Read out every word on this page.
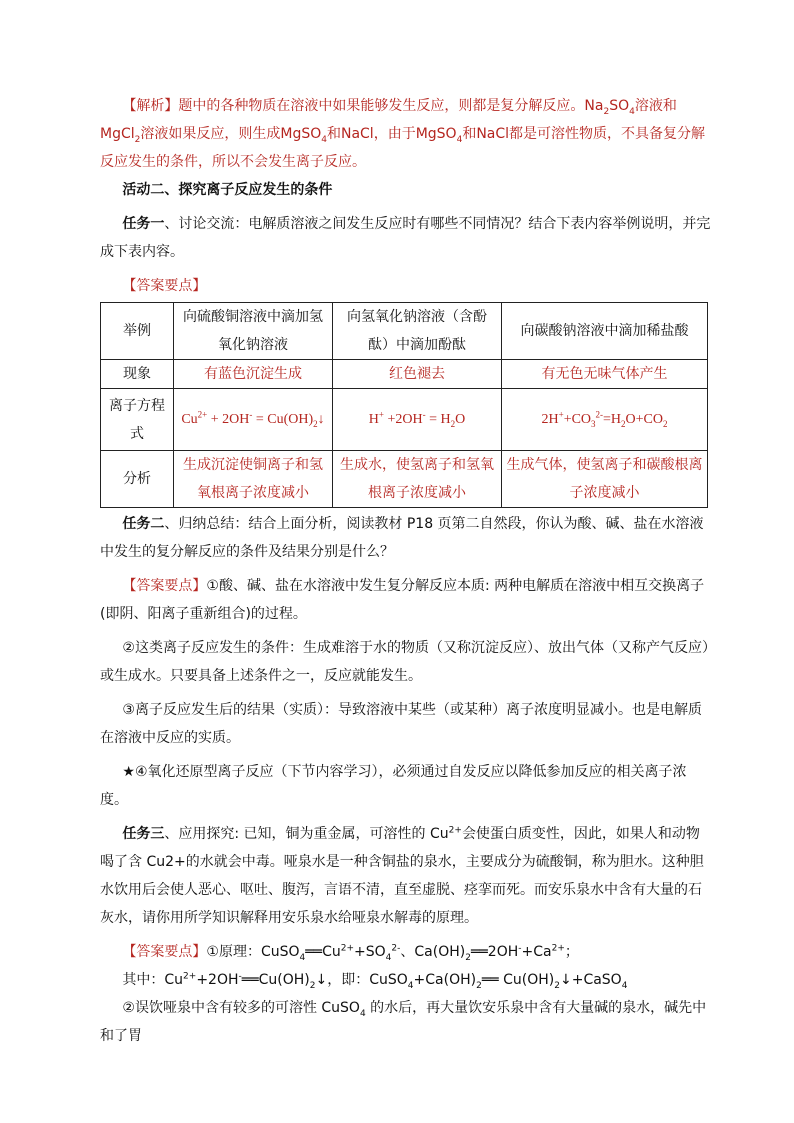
【解析】题中的各种物质在溶液中如果能够发生反应，则都是复分解反应。$Na_2SO_4$溶液和MgCl$_2$溶液如果反应，则生成MgSO$_4$和NaCl，由于MgSO$_4$和NaCl都是可溶性物质，不具备复分解反应发生的条件，所以不会发生离子反应。

活动二、探究离子反应发生的条件

任务一、讨论交流：电解质溶液之间发生反应时有哪些不同情况？结合下表内容举例说明，并完成下表内容。

【答案要点】

举例	向硫酸铜溶液中滴加氢氧化钠溶液	向氢氧化钠溶液（含酚酞）中滴加酚酞	向碳酸钠溶液中滴加稀盐酸
现象	有蓝色沉淀生成	红色褪去	有无色无味气体产生
离子方程式	$Cu^{2+} + 2OH^-$ = $Cu(OH)_2↓$	$H^+ +2OH^- = H_2O$	$2H^++CO_3^{2-}=H_2O+CO_2$
分析	生成沉淀使铜离子和氢氧根离子浓度减小	生成水，使氢离子和氢氧根离子浓度减小	生成气体，使氢离子和碳酸根离子浓度减小

任务二、归纳总结：结合上面分析，阅读教材 P18 页第二自然段，你认为酸、碱、盐在水溶液中发生的复分解反应的条件及结果分别是什么？

【答案要点】①酸、碱、盐在水溶液中发生复分解反应本质: 两种电解质在溶液中相互交换离子(即阴、阳离子重新组合)的过程。

②这类离子反应发生的条件：生成难溶于水的物质（又称沉淀反应）、放出气体（又称产气反应）或生成水。只要具备上述条件之一，反应就能发生。

③离子反应发生后的结果（实质）：导致溶液中某些（或某种）离子浓度明显减小。也是电解质在溶液中反应的实质。

★④氧化还原型离子反应（下节内容学习），必须通过自发反应以降低参加反应的相关离子浓度。

任务三、应用探究: 已知，铜为重金属，可溶性的 $Cu^{2+}$会使蛋白质变性，因此，如果人和动物喝了含 Cu2+的水就会中毒。哑泉水是一种含铜盐的泉水，主要成分为硫酸铜，称为胆水。这种胆水饮用后会使人恶心、呕吐、腹泻，言语不清，直至虚脱、痉挛而死。而安乐泉水中含有大量的石灰水，请你用所学知识解释用安乐泉水给哑泉水解毒的原理。

【答案要点】①原理：$CuSO_4══Cu^{2+}+SO_4^{2-}$、$Ca(OH)_2══2OH^-+Ca^{2+}$；

其中：$Cu^{2+}+2OH^-══Cu(OH)_2↓$，即：$CuSO_4+Ca(OH)_2══$ $Cu(OH)_2↓+CaSO_4$

②误饮哑泉中含有较多的可溶性 CuSO$_4$ 的水后，再大量饮安乐泉中含有大量碱的泉水，碱先中和了胃
